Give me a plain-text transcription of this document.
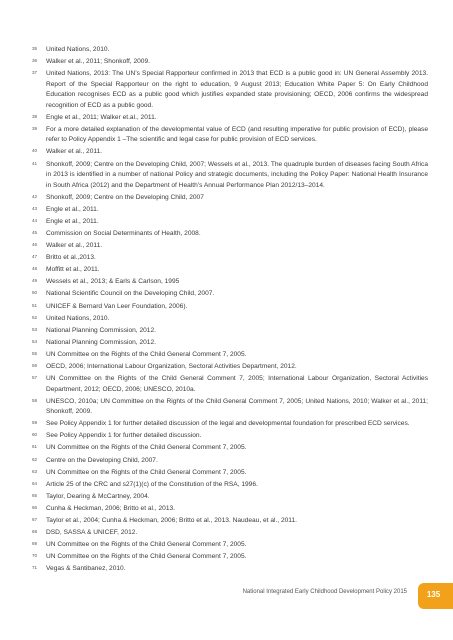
35	United Nations, 2010.
36	Walker et al., 2011; Shonkoff, 2009.
37	United Nations, 2013: The UN’s Special Rapporteur confirmed in 2013 that ECD is a public good in: UN General Assembly 2013. Report of the Special Rapporteur on the right to education, 9 August 2013; Education White Paper 5: On Early Childhood Education recognises ECD as a public good which justifies expanded state provisioning; OECD, 2006 confirms the widespread recognition of ECD as a public good.
38	Engle et al., 2011; Walker et.al., 2011.
39	For a more detailed explanation of the developmental value of ECD (and resulting imperative for public provision of ECD), please refer to Policy Appendix 1 –The scientific and legal case for public provision of ECD services.
40	Walker et al., 2011.
41	Shonkoff, 2009; Centre on the Developing Child, 2007; Wessels et al., 2013. The quadruple burden of diseases facing South Africa in 2013 is identified in a number of national Policy and strategic documents, including the Policy Paper: National Health Insurance in South Africa (2012) and the Department of Health’s Annual Performance Plan 2012/13–2014.
42	Shonkoff, 2009; Centre on the Developing Child, 2007
43	Engle et al., 2011.
44	Engle et al., 2011.
45	Commission on Social Determinants of Health, 2008.
46	Walker et al., 2011.
47	Britto et al.,2013.
48	Moffitt et al., 2011.
49	Wessels et al., 2013; & Earls & Carlson, 1995
50	National Scientific Council on the Developing Child, 2007.
51	UNICEF & Bernard Van Leer Foundation, 2006).
52	United Nations, 2010.
53	National Planning Commission, 2012.
54	National Planning Commission, 2012.
55	UN Committee on the Rights of the Child General Comment 7, 2005.
56	OECD, 2006; International Labour Organization, Sectoral Activities Department, 2012.
57	UN Committee on the Rights of the Child General Comment 7, 2005; International Labour Organization, Sectoral Activities Department, 2012; OECD, 2006; UNESCO, 2010a.
58	UNESCO, 2010a; UN Committee on the Rights of the Child General Comment 7, 2005; United Nations, 2010; Walker et al., 2011; Shonkoff, 2009.
59	See Policy Appendix 1 for further detailed discussion of the legal and developmental foundation for prescribed ECD services.
60	See Policy Appendix 1 for further detailed discussion.
61	UN Committee on the Rights of the Child General Comment 7, 2005.
62	Centre on the Developing Child, 2007.
63	UN Committee on the Rights of the Child General Comment 7, 2005.
64	Article 25 of the CRC and s27(1)(c) of the Constitution of the RSA, 1996.
65	Taylor, Dearing & McCartney, 2004.
66	Cunha & Heckman, 2006; Britto et al., 2013.
67	Taylor et al., 2004; Cunha & Heckman, 2006; Britto et al., 2013. Naudeau, et al., 2011.
68	DSD, SASSA & UNICEF, 2012.
69	UN Committee on the Rights of the Child General Comment 7, 2005.
70	UN Committee on the Rights of the Child General Comment 7, 2005.
71	Vegas & Santibanez, 2010.
National Integrated Early Childhood Development Policy 2015	135
